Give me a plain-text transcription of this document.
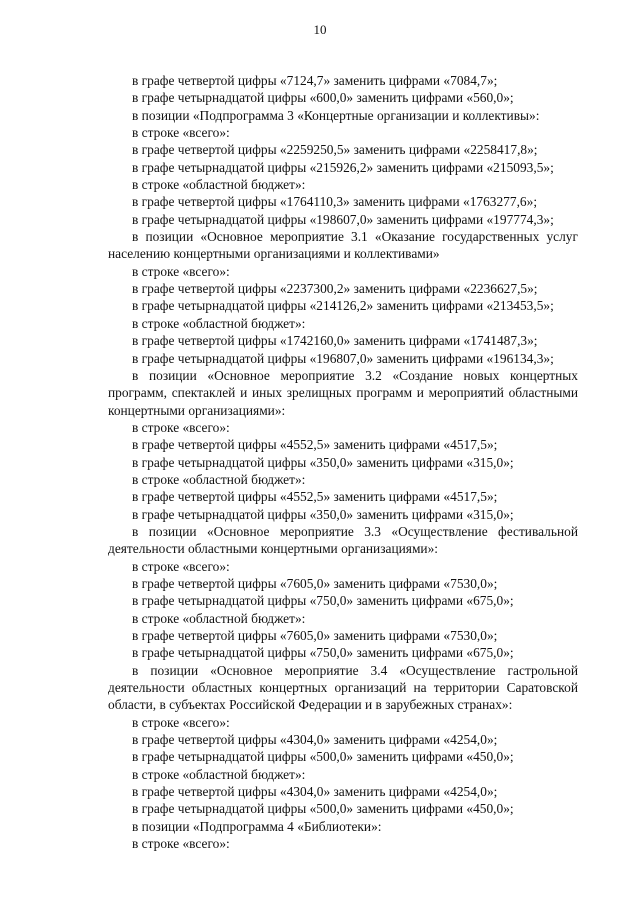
10

в графе четвертой цифры «7124,7» заменить цифрами «7084,7»;

в графе четырнадцатой цифры «600,0» заменить цифрами «560,0»;

в позиции «Подпрограмма 3 «Концертные организации и коллективы»:

в строке «всего»:

в графе четвертой цифры «2259250,5» заменить цифрами «2258417,8»;

в графе четырнадцатой цифры «215926,2» заменить цифрами «215093,5»;

в строке «областной бюджет»:

в графе четвертой цифры «1764110,3» заменить цифрами «1763277,6»;

в графе четырнадцатой цифры «198607,0» заменить цифрами «197774,3»;

в позиции «Основное мероприятие 3.1 «Оказание государственных услуг населению концертными организациями и коллективами»

в строке «всего»:

в графе четвертой цифры «2237300,2» заменить цифрами «2236627,5»;

в графе четырнадцатой цифры «214126,2» заменить цифрами «213453,5»;

в строке «областной бюджет»:

в графе четвертой цифры «1742160,0» заменить цифрами «1741487,3»;

в графе четырнадцатой цифры «196807,0» заменить цифрами «196134,3»;

в позиции «Основное мероприятие 3.2 «Создание новых концертных программ, спектаклей и иных зрелищных программ и мероприятий областными концертными организациями»:

в строке «всего»:

в графе четвертой цифры «4552,5» заменить цифрами «4517,5»;

в графе четырнадцатой цифры «350,0» заменить цифрами «315,0»;

в строке «областной бюджет»:

в графе четвертой цифры «4552,5» заменить цифрами «4517,5»;

в графе четырнадцатой цифры «350,0» заменить цифрами «315,0»;

в позиции «Основное мероприятие 3.3 «Осуществление фестивальной деятельности областными концертными организациями»:

в строке «всего»:

в графе четвертой цифры «7605,0» заменить цифрами «7530,0»;

в графе четырнадцатой цифры «750,0» заменить цифрами «675,0»;

в строке «областной бюджет»:

в графе четвертой цифры «7605,0» заменить цифрами «7530,0»;

в графе четырнадцатой цифры «750,0» заменить цифрами «675,0»;

в позиции «Основное мероприятие 3.4 «Осуществление гастрольной деятельности областных концертных организаций на территории Саратовской области, в субъектах Российской Федерации и в зарубежных странах»:

в строке «всего»:

в графе четвертой цифры «4304,0» заменить цифрами «4254,0»;

в графе четырнадцатой цифры «500,0» заменить цифрами «450,0»;

в строке «областной бюджет»:

в графе четвертой цифры «4304,0» заменить цифрами «4254,0»;

в графе четырнадцатой цифры «500,0» заменить цифрами «450,0»;

в позиции «Подпрограмма 4 «Библиотеки»:

в строке «всего»:
